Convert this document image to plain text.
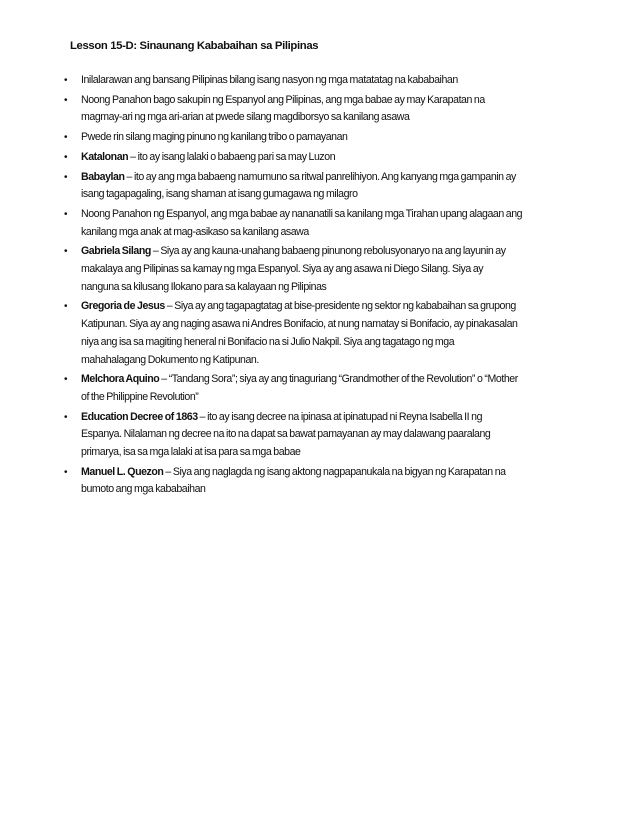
Lesson 15-D: Sinaunang Kababaihan sa Pilipinas
• Inilalarawan ang bansang Pilipinas bilang isang nasyon ng mga matatatag na kababaihan
• Noong Panahon bago sakupin ng Espanyol ang Pilipinas, ang mga babae ay may Karapatan na
magmay-ari ng mga ari-arian at pwede silang magdiborsyo sa kanilang asawa
• Pwede rin silang maging pinuno ng kanilang tribo o pamayanan
• Katalonan – ito ay isang lalaki o babaeng pari sa may Luzon
• Babaylan – ito ay ang mga babaeng namumuno sa ritwal panrelihiyon. Ang kanyang mga gampanin ay
isang tagapagaling, isang shaman at isang gumagawa ng milagro
• Noong Panahon ng Espanyol, ang mga babae ay nananatili sa kanilang mga Tirahan upang alagaan ang
kanilang mga anak at mag-asikaso sa kanilang asawa
• Gabriela Silang – Siya ay ang kauna-unahang babaeng pinunong rebolusyonaryo na ang layunin ay
makalaya ang Pilipinas sa kamay ng mga Espanyol. Siya ay ang asawa ni Diego Silang. Siya ay
nanguna sa kilusang Ilokano para sa kalayaan ng Pilipinas
• Gregoria de Jesus – Siya ay ang tagapagtatag at bise-presidente ng sektor ng kababaihan sa grupong
Katipunan. Siya ay ang naging asawa ni Andres Bonifacio, at nung namatay si Bonifacio, ay pinakasalan
niya ang isa sa magiting heneral ni Bonifacio na si Julio Nakpil. Siya ang tagatago ng mga
mahahalagang Dokumento ng Katipunan.
• Melchora Aquino – “Tandang Sora”; siya ay ang tinaguriang “Grandmother of the Revolution” o “Mother
of the Philippine Revolution”
• Education Decree of 1863 – ito ay isang decree na ipinasa at ipinatupad ni Reyna Isabella II ng
Espanya. Nilalaman ng decree na ito na dapat sa bawat pamayanan ay may dalawang paaralang
primarya, isa sa mga lalaki at isa para sa mga babae
• Manuel L. Quezon – Siya ang naglagda ng isang aktong nagpapanukala na bigyan ng Karapatan na
bumoto ang mga kababaihan
